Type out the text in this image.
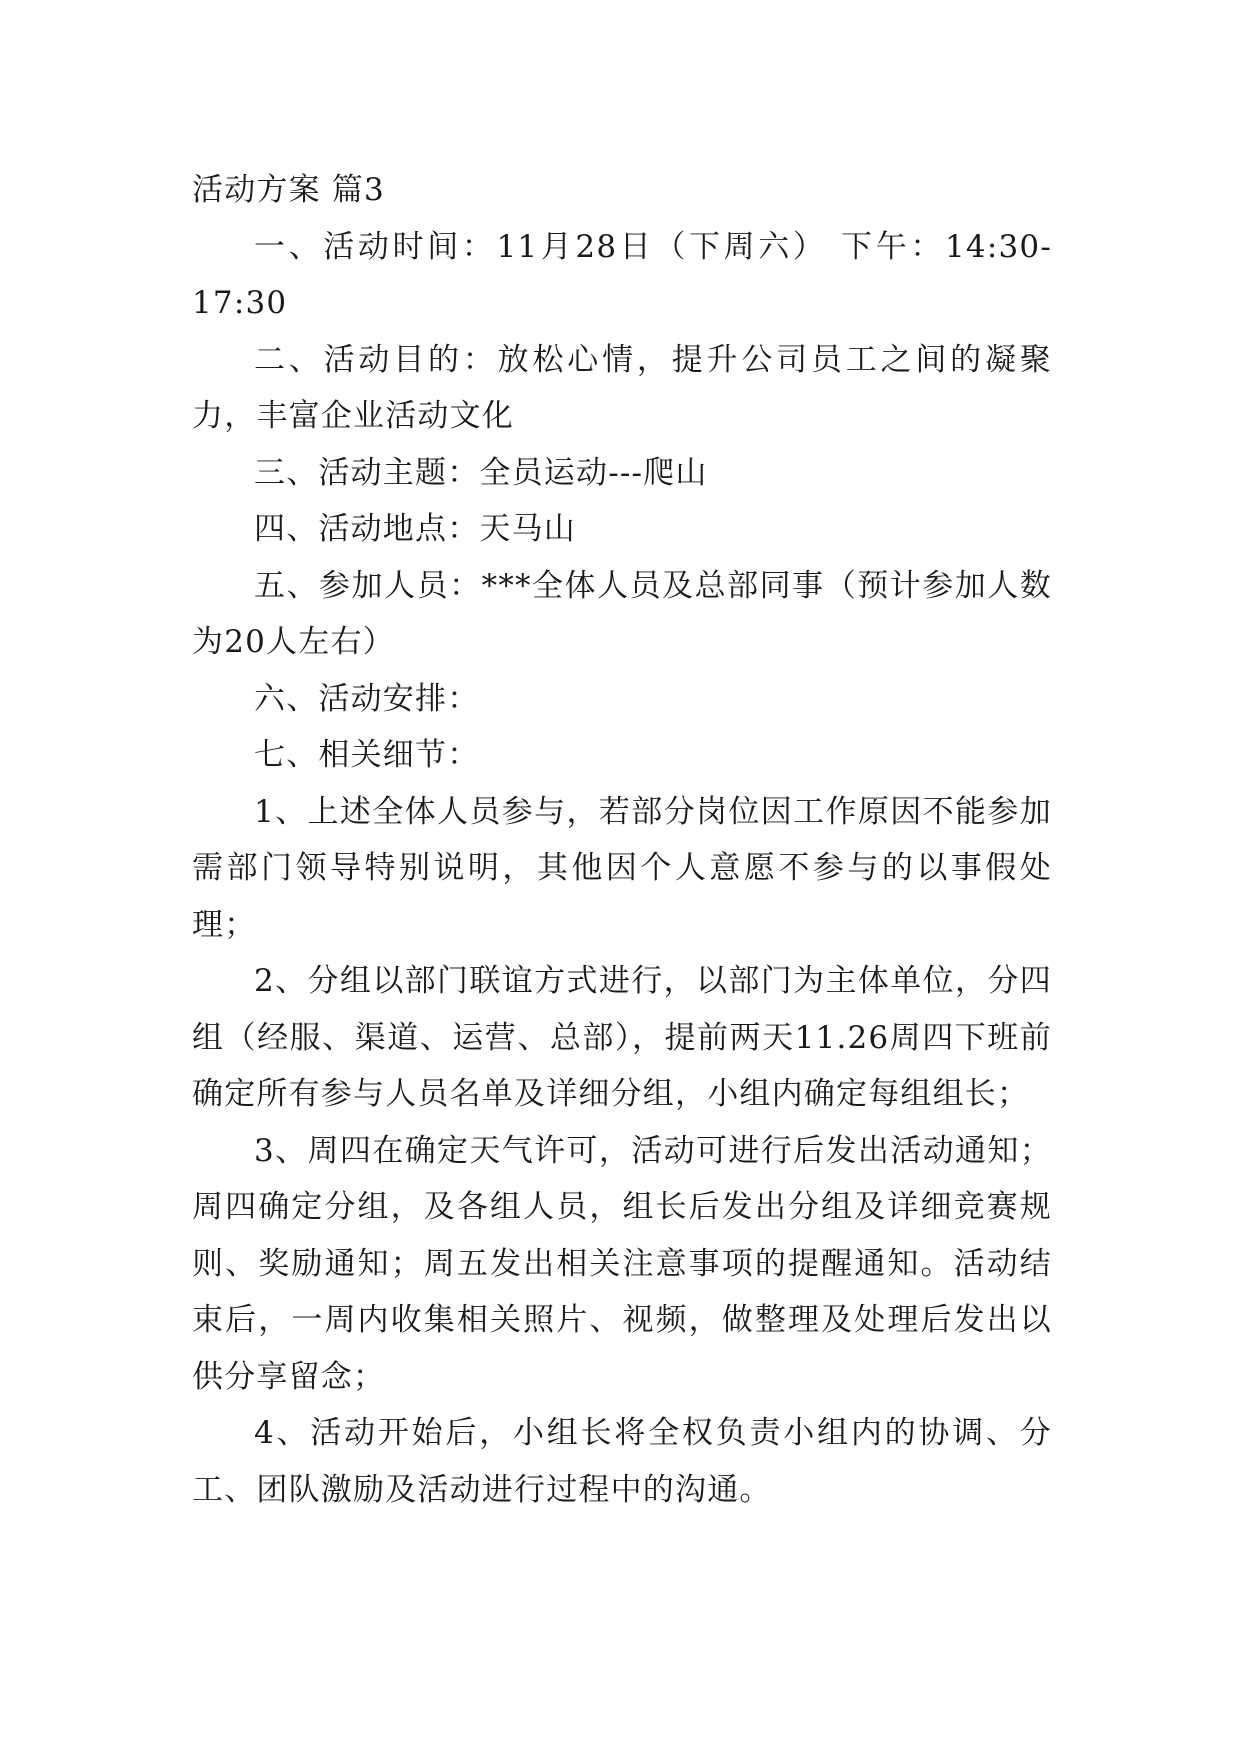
活动方案 篇3

一、活动时间：11月28日（下周六） 下午：14:30-17:30

二、活动目的：放松心情，提升公司员工之间的凝聚力，丰富企业活动文化

三、活动主题：全员运动---爬山

四、活动地点：天马山

五、参加人员：***全体人员及总部同事（预计参加人数为20人左右）

六、活动安排：

七、相关细节：

1、上述全体人员参与，若部分岗位因工作原因不能参加需部门领导特别说明，其他因个人意愿不参与的以事假处理；

2、分组以部门联谊方式进行，以部门为主体单位，分四组（经服、渠道、运营、总部），提前两天11.26周四下班前确定所有参与人员名单及详细分组，小组内确定每组组长；

3、周四在确定天气许可，活动可进行后发出活动通知；周四确定分组，及各组人员，组长后发出分组及详细竞赛规则、奖励通知；周五发出相关注意事项的提醒通知。活动结束后，一周内收集相关照片、视频，做整理及处理后发出以供分享留念；

4、活动开始后，小组长将全权负责小组内的协调、分工、团队激励及活动进行过程中的沟通。
